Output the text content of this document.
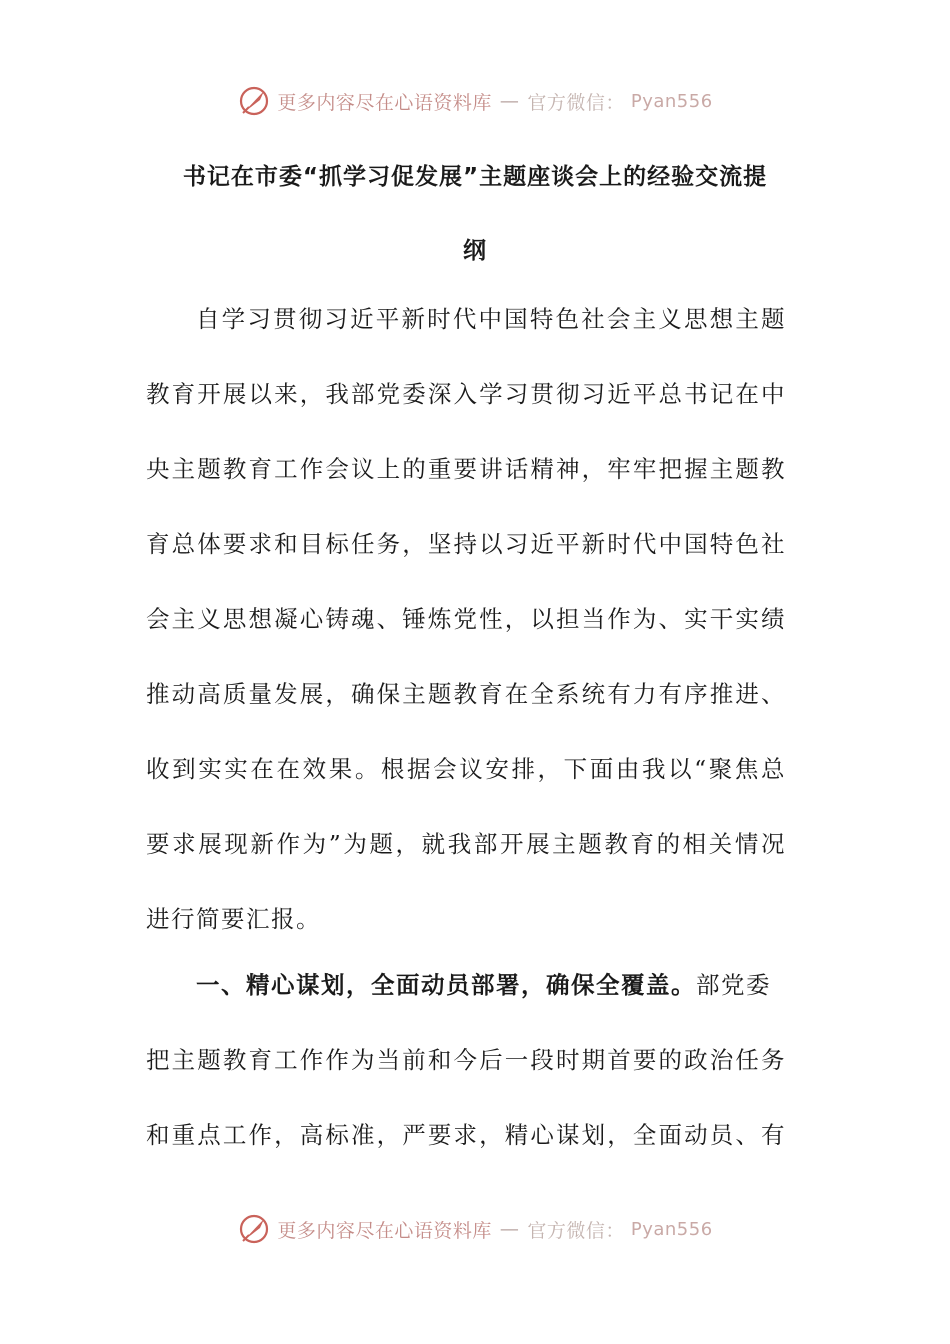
更多内容尽在心语资料库 — 官方微信： Pyan556
书记在市委“抓学习促发展”主题座谈会上的经验交流提
纲
自学习贯彻习近平新时代中国特色社会主义思想主题
教育开展以来，我部党委深入学习贯彻习近平总书记在中
央主题教育工作会议上的重要讲话精神，牢牢把握主题教
育总体要求和目标任务，坚持以习近平新时代中国特色社
会主义思想凝心铸魂、锤炼党性，以担当作为、实干实绩
推动高质量发展，确保主题教育在全系统有力有序推进、
收到实实在在效果。根据会议安排，下面由我以“聚焦总
要求展现新作为”为题，就我部开展主题教育的相关情况
进行简要汇报。
一、精心谋划，全面动员部署，确保全覆盖。部党委
把主题教育工作作为当前和今后一段时期首要的政治任务
和重点工作，高标准，严要求，精心谋划，全面动员、有
更多内容尽在心语资料库 — 官方微信： Pyan556
